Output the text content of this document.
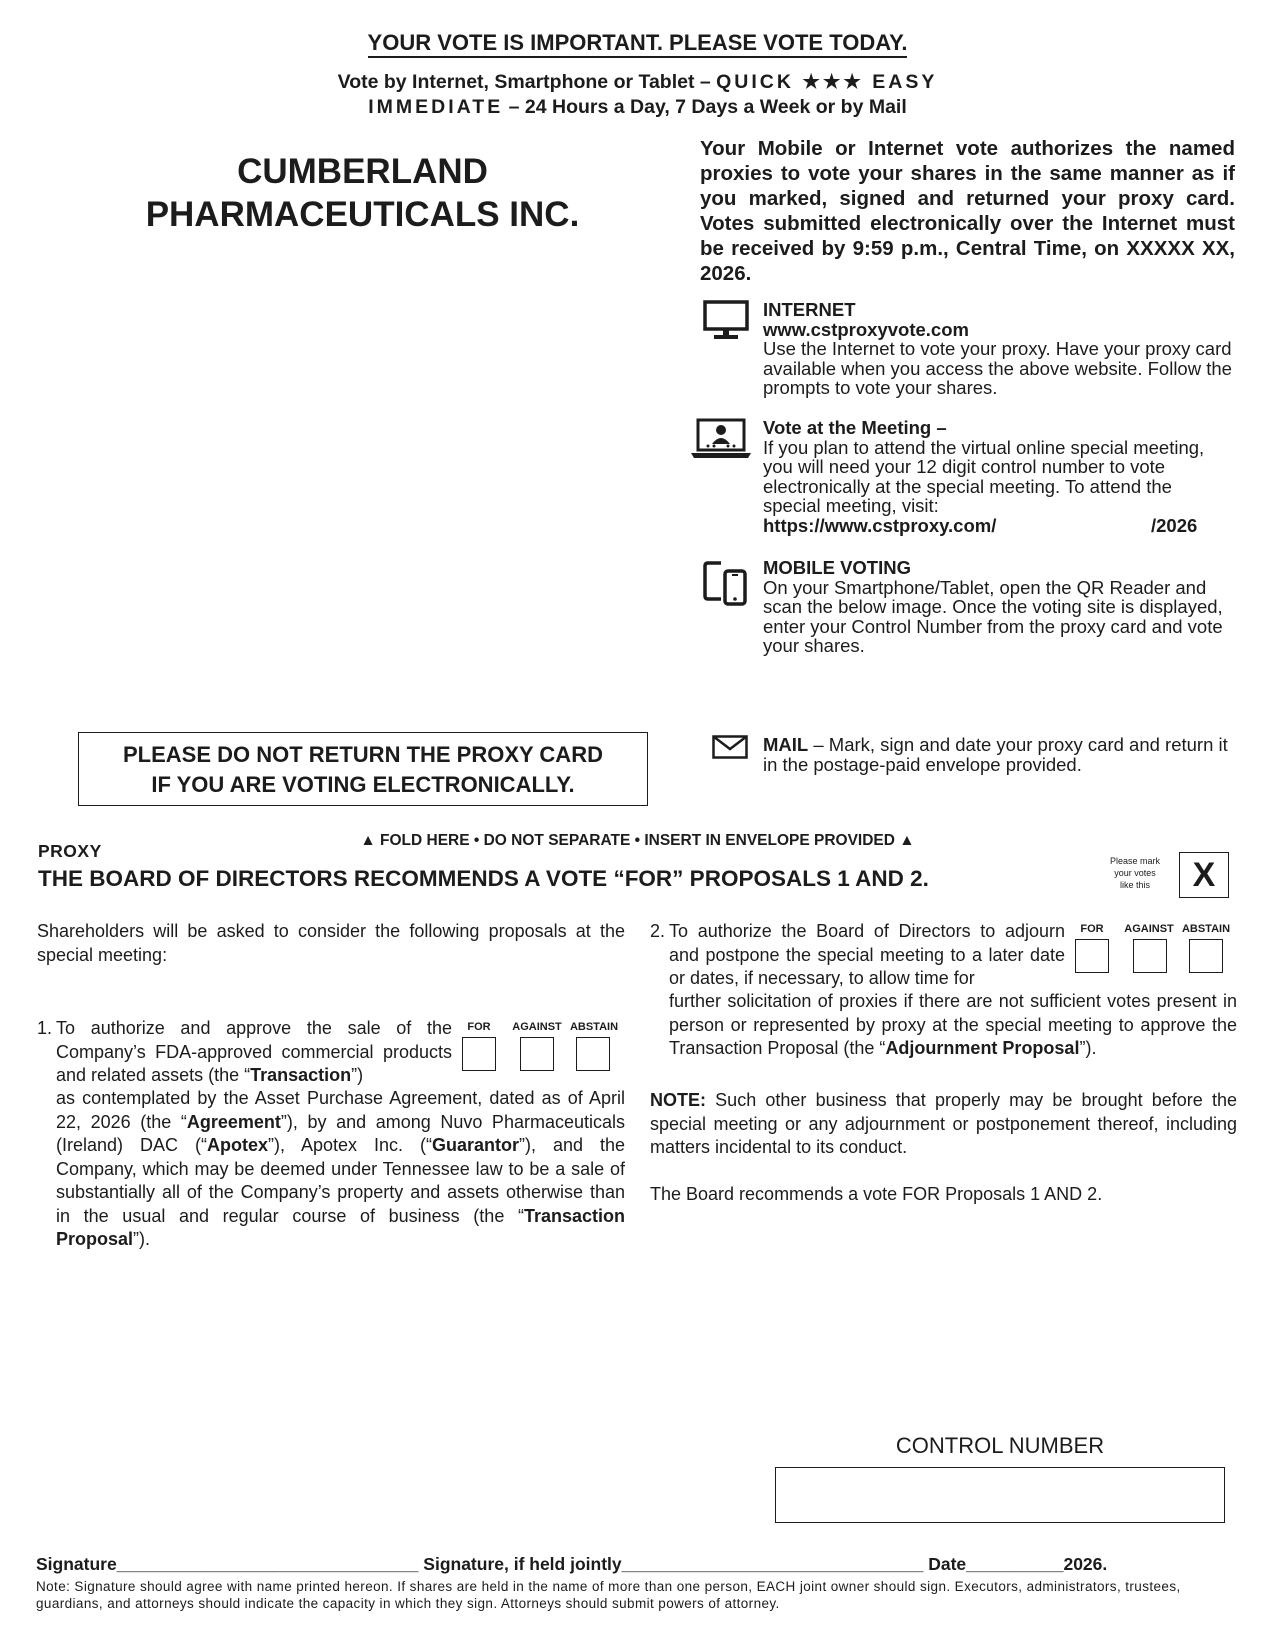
YOUR VOTE IS IMPORTANT. PLEASE VOTE TODAY.
Vote by Internet, Smartphone or Tablet – QUICK ★★★ EASY
IMMEDIATE – 24 Hours a Day, 7 Days a Week or by Mail
CUMBERLAND
PHARMACEUTICALS INC.
Your Mobile or Internet vote authorizes the named proxies to vote your shares in the same manner as if you marked, signed and returned your proxy card. Votes submitted electronically over the Internet must be received by 9:59 p.m., Central Time, on XXXXX XX, 2026.
INTERNET
www.cstproxyvote.com
Use the Internet to vote your proxy. Have your proxy card available when you access the above website. Follow the prompts to vote your shares.
Vote at the Meeting –
If you plan to attend the virtual online special meeting, you will need your 12 digit control number to vote electronically at the special meeting. To attend the special meeting, visit:
https://www.cstproxy.com/	/2026
MOBILE VOTING
On your Smartphone/Tablet, open the QR Reader and scan the below image. Once the voting site is displayed, enter your Control Number from the proxy card and vote your shares.
MAIL – Mark, sign and date your proxy card and return it in the postage-paid envelope provided.
PLEASE DO NOT RETURN THE PROXY CARD
IF YOU ARE VOTING ELECTRONICALLY.
▲ FOLD HERE • DO NOT SEPARATE • INSERT IN ENVELOPE PROVIDED ▲
PROXY
THE BOARD OF DIRECTORS RECOMMENDS A VOTE “FOR” PROPOSALS 1 AND 2.
Please mark
your votes
like this	X
Shareholders will be asked to consider the following proposals at the special meeting:
1. To authorize and approve the sale of the Company’s FDA-approved commercial products and related assets (the “Transaction”)
as contemplated by the Asset Purchase Agreement, dated as of April 22, 2026 (the “Agreement”), by and among Nuvo Pharmaceuticals (Ireland) DAC (“Apotex”), Apotex Inc. (“Guarantor”), and the Company, which may be deemed under Tennessee law to be a sale of substantially all of the Company’s property and assets otherwise than in the usual and regular course of business (the “Transaction Proposal”).
FOR	AGAINST ABSTAIN
2. To authorize the Board of Directors to adjourn and postpone the special meeting to a later date or dates, if necessary, to allow time for
further solicitation of proxies if there are not sufficient votes present in person or represented by proxy at the special meeting to approve the Transaction Proposal (the “Adjournment Proposal”).
FOR	AGAINST ABSTAIN
NOTE: Such other business that properly may be brought before the special meeting or any adjournment or postponement thereof, including matters incidental to its conduct.
The Board recommends a vote FOR Proposals 1 AND 2.
CONTROL NUMBER
Signature_______________________________ Signature, if held jointly_______________________________ Date__________2026.
Note: Signature should agree with name printed hereon. If shares are held in the name of more than one person, EACH joint owner should sign. Executors, administrators, trustees, guardians, and attorneys should indicate the capacity in which they sign. Attorneys should submit powers of attorney.
